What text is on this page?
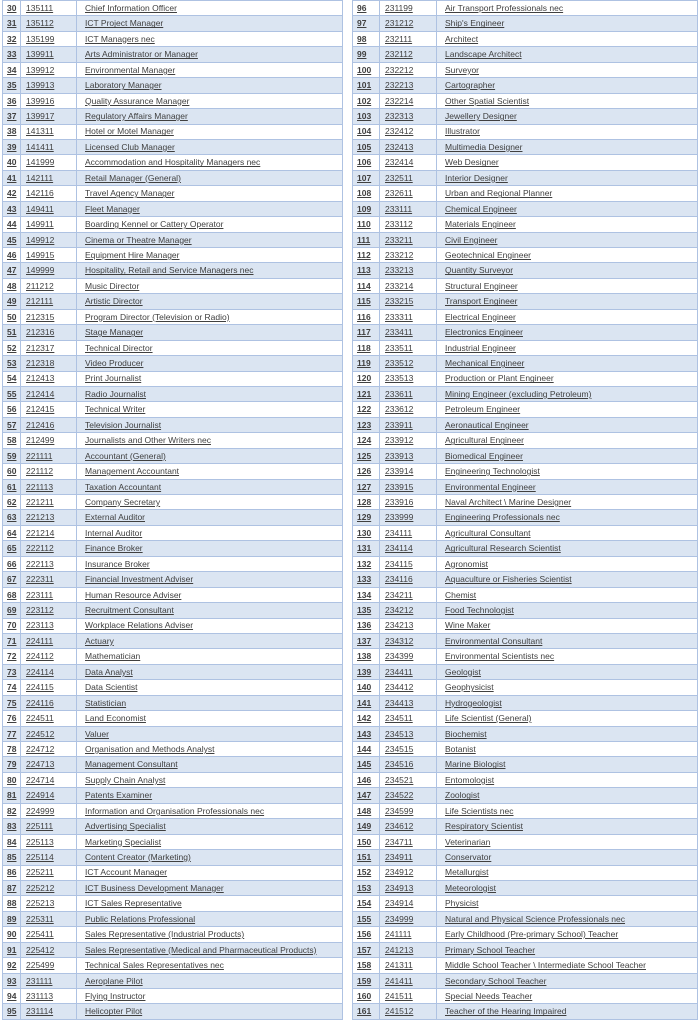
30	135111	Chief Information Officer
31	135112	ICT Project Manager
32	135199	ICT Managers nec
33	139911	Arts Administrator or Manager
34	139912	Environmental Manager
35	139913	Laboratory Manager
36	139916	Quality Assurance Manager
37	139917	Regulatory Affairs Manager
38	141311	Hotel or Motel Manager
39	141411	Licensed Club Manager
40	141999	Accommodation and Hospitality Managers nec
41	142111	Retail Manager (General)
42	142116	Travel Agency Manager
43	149411	Fleet Manager
44	149911	Boarding Kennel or Cattery Operator
45	149912	Cinema or Theatre Manager
46	149915	Equipment Hire Manager
47	149999	Hospitality, Retail and Service Managers nec
48	211212	Music Director
49	212111	Artistic Director
50	212315	Program Director (Television or Radio)
51	212316	Stage Manager
52	212317	Technical Director
53	212318	Video Producer
54	212413	Print Journalist
55	212414	Radio Journalist
56	212415	Technical Writer
57	212416	Television Journalist
58	212499	Journalists and Other Writers nec
59	221111	Accountant (General)
60	221112	Management Accountant
61	221113	Taxation Accountant
62	221211	Company Secretary
63	221213	External Auditor
64	221214	Internal Auditor
65	222112	Finance Broker
66	222113	Insurance Broker
67	222311	Financial Investment Adviser
68	223111	Human Resource Adviser
69	223112	Recruitment Consultant
70	223113	Workplace Relations Adviser
71	224111	Actuary
72	224112	Mathematician
73	224114	Data Analyst
74	224115	Data Scientist
75	224116	Statistician
76	224511	Land Economist
77	224512	Valuer
78	224712	Organisation and Methods Analyst
79	224713	Management Consultant
80	224714	Supply Chain Analyst
81	224914	Patents Examiner
82	224999	Information and Organisation Professionals nec
83	225111	Advertising Specialist
84	225113	Marketing Specialist
85	225114	Content Creator (Marketing)
86	225211	ICT Account Manager
87	225212	ICT Business Development Manager
88	225213	ICT Sales Representative
89	225311	Public Relations Professional
90	225411	Sales Representative (Industrial Products)
91	225412	Sales Representative (Medical and Pharmaceutical Products)
92	225499	Technical Sales Representatives nec
93	231111	Aeroplane Pilot
94	231113	Flying Instructor
95	231114	Helicopter Pilot
96	231199	Air Transport Professionals nec
97	231212	Ship's Engineer
98	232111	Architect
99	232112	Landscape Architect
100	232212	Surveyor
101	232213	Cartographer
102	232214	Other Spatial Scientist
103	232313	Jewellery Designer
104	232412	Illustrator
105	232413	Multimedia Designer
106	232414	Web Designer
107	232511	Interior Designer
108	232611	Urban and Regional Planner
109	233111	Chemical Engineer
110	233112	Materials Engineer
111	233211	Civil Engineer
112	233212	Geotechnical Engineer
113	233213	Quantity Surveyor
114	233214	Structural Engineer
115	233215	Transport Engineer
116	233311	Electrical Engineer
117	233411	Electronics Engineer
118	233511	Industrial Engineer
119	233512	Mechanical Engineer
120	233513	Production or Plant Engineer
121	233611	Mining Engineer (excluding Petroleum)
122	233612	Petroleum Engineer
123	233911	Aeronautical Engineer
124	233912	Agricultural Engineer
125	233913	Biomedical Engineer
126	233914	Engineering Technologist
127	233915	Environmental Engineer
128	233916	Naval Architect \ Marine Designer
129	233999	Engineering Professionals nec
130	234111	Agricultural Consultant
131	234114	Agricultural Research Scientist
132	234115	Agronomist
133	234116	Aquaculture or Fisheries Scientist
134	234211	Chemist
135	234212	Food Technologist
136	234213	Wine Maker
137	234312	Environmental Consultant
138	234399	Environmental Scientists nec
139	234411	Geologist
140	234412	Geophysicist
141	234413	Hydrogeologist
142	234511	Life Scientist (General)
143	234513	Biochemist
144	234515	Botanist
145	234516	Marine Biologist
146	234521	Entomologist
147	234522	Zoologist
148	234599	Life Scientists nec
149	234612	Respiratory Scientist
150	234711	Veterinarian
151	234911	Conservator
152	234912	Metallurgist
153	234913	Meteorologist
154	234914	Physicist
155	234999	Natural and Physical Science Professionals nec
156	241111	Early Childhood (Pre-primary School) Teacher
157	241213	Primary School Teacher
158	241311	Middle School Teacher \ Intermediate School Teacher
159	241411	Secondary School Teacher
160	241511	Special Needs Teacher
161	241512	Teacher of the Hearing Impaired
